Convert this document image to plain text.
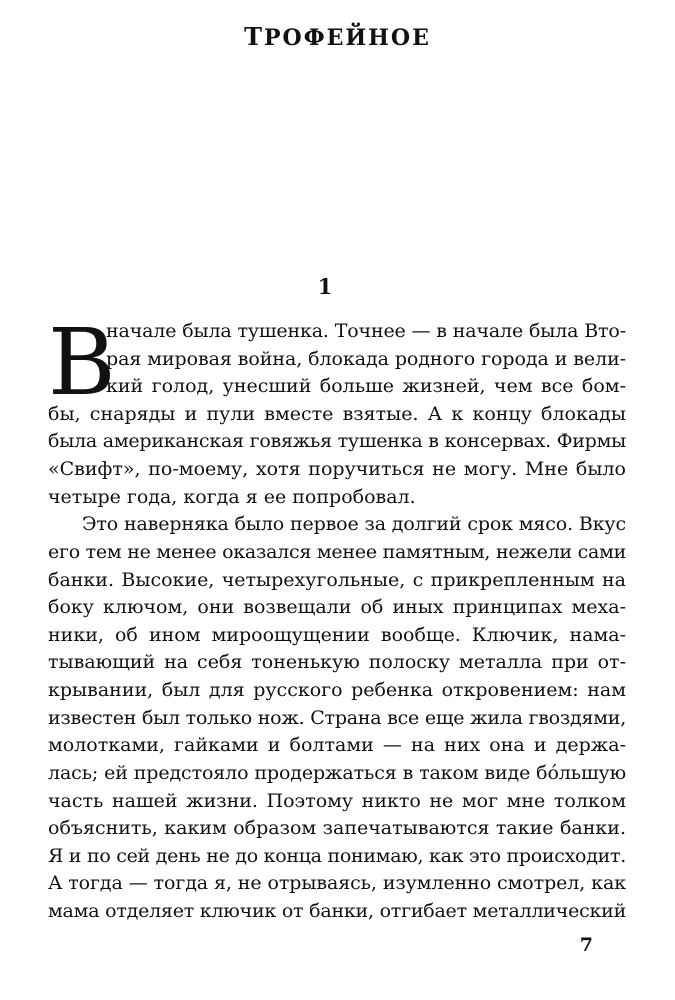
ТРОФЕЙНОЕ
1
В
начале была тушенка. Точнее — в начале была Вто-
рая мировая война, блокада родного города и вели-
кий голод, унесший больше жизней, чем все бом-
бы, снаряды и пули вместе взятые. А к концу блокады
была американская говяжья тушенка в консервах. Фирмы
«Свифт», по-моему, хотя поручиться не могу. Мне было
четыре года, когда я ее попробовал.
Это наверняка было первое за долгий срок мясо. Вкус
его тем не менее оказался менее памятным, нежели сами
банки. Высокие, четырехугольные, с прикрепленным на
боку ключом, они возвещали об иных принципах меха-
ники, об ином мироощущении вообще. Ключик, нама-
тывающий на себя тоненькую полоску металла при от-
крывании, был для русского ребенка откровением: нам
известен был только нож. Страна все еще жила гвоздями,
молотками, гайками и болтами — на них она и держа-
лась; ей предстояло продержаться в таком виде бóльшую
часть нашей жизни. Поэтому никто не мог мне толком
объяснить, каким образом запечатываются такие банки.
Я и по сей день не до конца понимаю, как это происходит.
А тогда — тогда я, не отрываясь, изумленно смотрел, как
мама отделяет ключик от банки, отгибает металлический
7
